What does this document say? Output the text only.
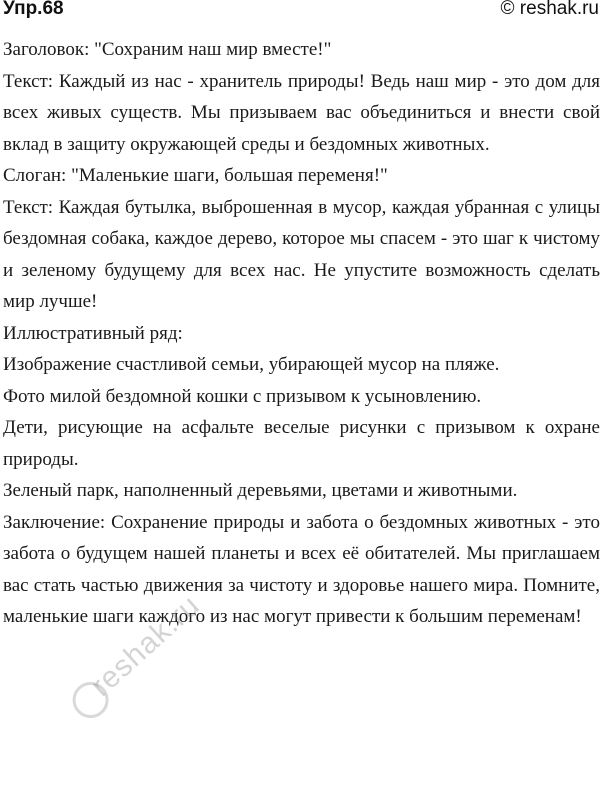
Упр.68	© reshak.ru

Заголовок: "Сохраним наш мир вместе!"

Текст: Каждый из нас - хранитель природы! Ведь наш мир - это дом для всех живых существ. Мы призываем вас объединиться и внести свой вклад в защиту окружающей среды и бездомных животных.

Слоган: "Маленькие шаги, большая переменя!"

Текст: Каждая бутылка, выброшенная в мусор, каждая убранная с улицы бездомная собака, каждое дерево, которое мы спасем - это шаг к чистому и зеленому будущему для всех нас. Не упустите возможность сделать мир лучше!

Иллюстративный ряд:

Изображение счастливой семьи, убирающей мусор на пляже.

Фото милой бездомной кошки с призывом к усыновлению.

Дети, рисующие на асфальте веселые рисунки с призывом к охране природы.

Зеленый парк, наполненный деревьями, цветами и животными.

Заключение: Сохранение природы и забота о бездомных животных - это забота о будущем нашей планеты и всех её обитателей. Мы приглашаем вас стать частью движения за чистоту и здоровье нашего мира. Помните, маленькие шаги каждого из нас могут привести к большим переменам!

reshak.ru
